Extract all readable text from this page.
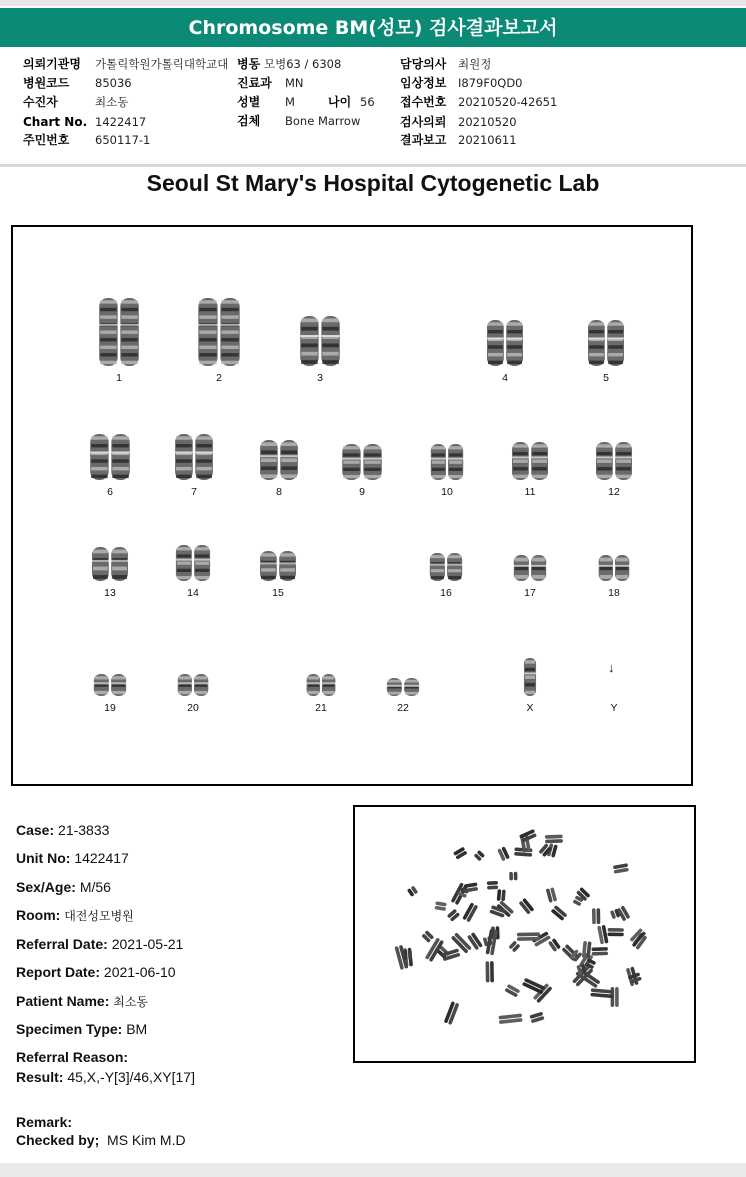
Chromosome BM(성모) 검사결과보고서
의뢰기관명 가톨릭학원가톨릭대학교대
병원코드 85036
수진자	최소동
Chart No. 1422417
주민번호 650117-1
병동 모병63 / 6308
진료과 MN
성별 M	나이 56
검체 Bone Marrow
담당의사 최원정
임상정보 I879F0QD0
접수번호 20210520-42651
검사의뢰 20210520
결과보고 20210611
Seoul St Mary's Hospital Cytogenetic Lab
1	2	3	4	5
6	7	8	9	10	11	12
13	14	15	16	17	18
19	20	21	22	X	Y
↓
Case: 21-3833
Unit No: 1422417
Sex/Age: M/56
Room: 대전성모병원
Referral Date: 2021-05-21
Report Date: 2021-06-10
Patient Name: 최소동
Specimen Type: BM
Referral Reason:
Result: 45,X,-Y[3]/46,XY[17]
Remark:
Checked by; MS Kim M.D
